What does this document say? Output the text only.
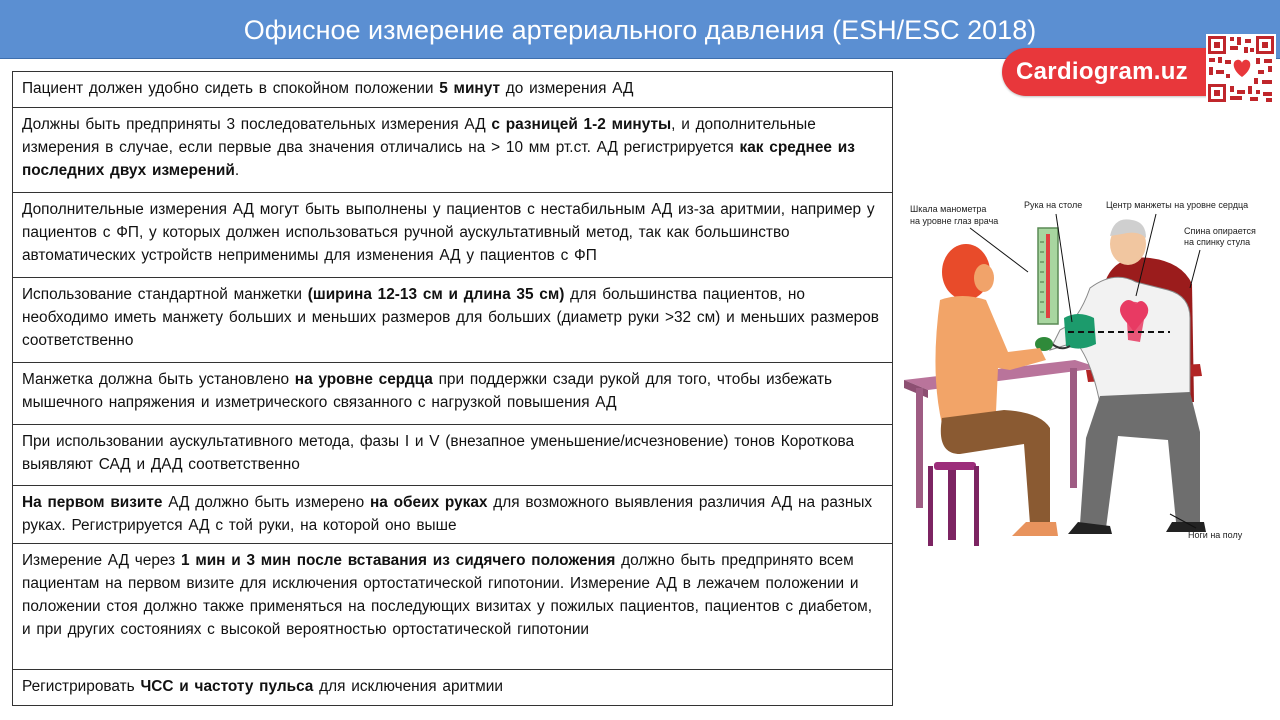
Офисное измерение артериального давления (ESH/ESC 2018)
Cardiogram.uz
Пациент должен удобно сидеть в спокойном положении 5 минут до измерения АД
Должны быть предприняты 3 последовательных измерения АД с разницей 1-2 минуты, и дополнительные измерения в случае, если первые два значения отличались на > 10 мм рт.ст. АД регистрируется как среднее из последних двух измерений.
Дополнительные измерения АД могут быть выполнены у пациентов с нестабильным АД из-за аритмии, например у пациентов с ФП, у которых должен использоваться ручной аускультативный метод, так как большинство автоматических устройств неприменимы для изменения АД у пациентов с ФП
Использование стандартной манжетки (ширина 12-13 см и длина 35 см) для большинства пациентов, но необходимо иметь манжету больших и меньших размеров для больших (диаметр руки >32 см) и меньших размеров соответственно
Манжетка должна быть установлено на уровне сердца при поддержки сзади рукой для того, чтобы избежать мышечного напряжения и изметрического связанного с нагрузкой повышения АД
При использовании аускультативного метода, фазы I и V (внезапное уменьшение/исчезновение) тонов Короткова выявляют САД и ДАД соответственно
На первом визите АД должно быть измерено на обеих руках для возможного выявления различия АД на разных руках. Регистрируется АД с той руки, на которой оно выше
Измерение АД через 1 мин и 3 мин после вставания из сидячего положения должно быть предпринято всем пациентам на первом визите для исключения ортостатической гипотонии. Измерение АД в лежачем положении и положении стоя должно также применяться на последующих визитах у пожилых пациентов, пациентов с диабетом, и при других состояниях с высокой вероятностью ортостатической гипотонии
Регистрировать ЧСС и частоту пульса для исключения аритмии
Шкала манометра
на уровне глаз врача
Рука на столе	Центр манжеты на уровне сердца
Спина опирается
на спинку стула
Ноги на полу
